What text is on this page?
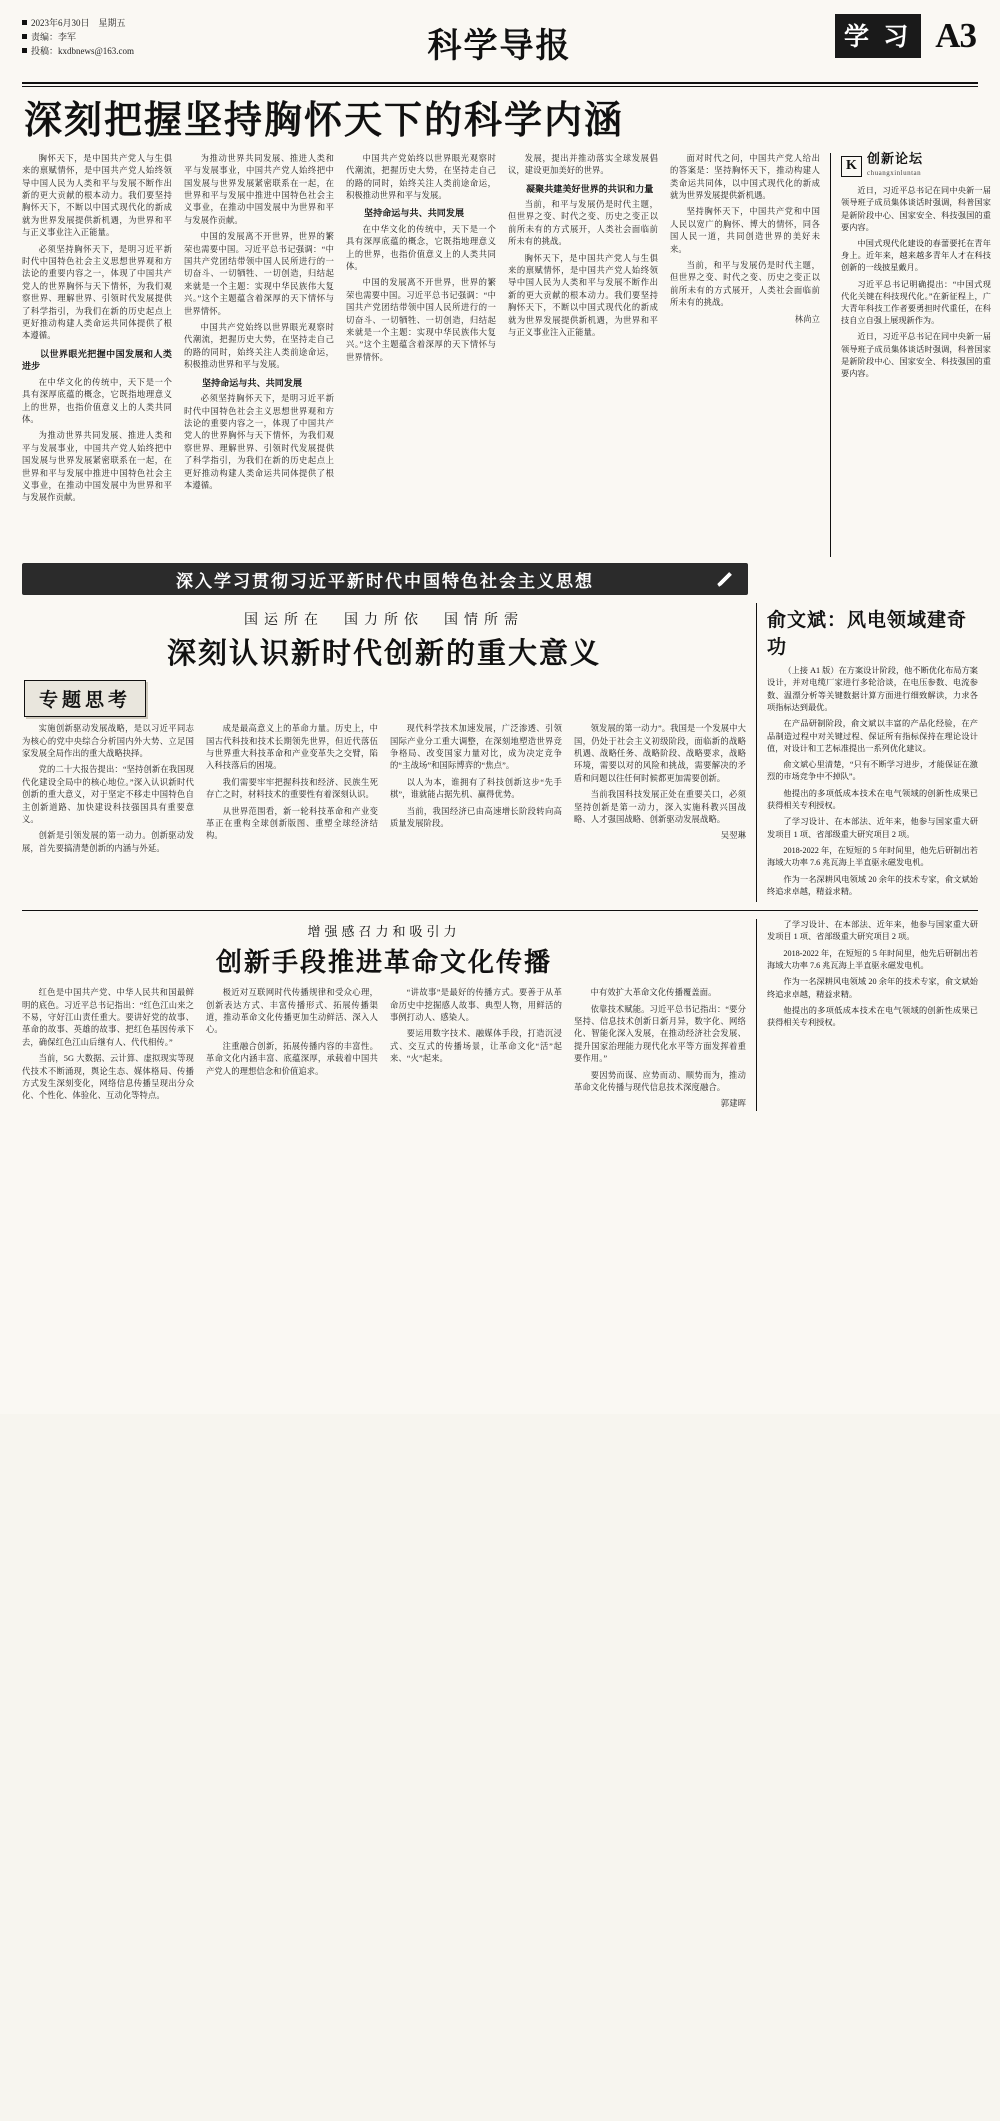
2023年6月30日　星期五
责编：李军
投稿：kxdbnews@163.com	科学导报	学 习 A3
深刻把握坚持胸怀天下的科学内涵

胸怀天下，是中国共产党人与生俱来的禀赋情怀，是中国共产党人始终领导中国人民为人类和平与发展不断作出新的更大贡献的根本动力。我们要坚持胸怀天下，不断以中国式现代化的新成就为世界发展提供新机遇，为世界和平与正义事业注入正能量。

必须坚持胸怀天下，是明习近平新时代中国特色社会主义思想世界观和方法论的重要内容之一，体现了中国共产党人的世界胸怀与天下情怀，为我们观察世界、理解世界、引领时代发展提供了科学指引，为我们在新的历史起点上更好推动构建人类命运共同体提供了根本遵循。

以世界眼光把握中国发展和人类进步

在中华文化的传统中，天下是一个具有深厚底蕴的概念，它既指地理意义上的世界，也指价值意义上的人类共同体。

为推动世界共同发展、推进人类和平与发展事业，中国共产党人始终把中国发展与世界发展紧密联系在一起，在世界和平与发展中推进中国特色社会主义事业，在推动中国发展中为世界和平与发展作贡献。

为推动世界共同发展、推进人类和平与发展事业，中国共产党人始终把中国发展与世界发展紧密联系在一起，在世界和平与发展中推进中国特色社会主义事业，在推动中国发展中为世界和平与发展作贡献。

中国的发展离不开世界，世界的繁荣也需要中国。习近平总书记强调：“中国共产党团结带领中国人民所进行的一切奋斗、一切牺牲、一切创造，归结起来就是一个主题：实现中华民族伟大复兴。”这个主题蕴含着深厚的天下情怀与世界情怀。

中国共产党始终以世界眼光观察时代潮流，把握历史大势，在坚持走自己的路的同时，始终关注人类前途命运，积极推动世界和平与发展。

坚持命运与共、共同发展

必须坚持胸怀天下，是明习近平新时代中国特色社会主义思想世界观和方法论的重要内容之一，体现了中国共产党人的世界胸怀与天下情怀，为我们观察世界、理解世界、引领时代发展提供了科学指引，为我们在新的历史起点上更好推动构建人类命运共同体提供了根本遵循。

中国共产党始终以世界眼光观察时代潮流，把握历史大势，在坚持走自己的路的同时，始终关注人类前途命运，积极推动世界和平与发展。

坚持命运与共、共同发展

在中华文化的传统中，天下是一个具有深厚底蕴的概念，它既指地理意义上的世界，也指价值意义上的人类共同体。

中国的发展离不开世界，世界的繁荣也需要中国。习近平总书记强调：“中国共产党团结带领中国人民所进行的一切奋斗、一切牺牲、一切创造，归结起来就是一个主题：实现中华民族伟大复兴。”这个主题蕴含着深厚的天下情怀与世界情怀。

发展，提出并推动落实全球发展倡议，建设更加美好的世界。

凝聚共建美好世界的共识和力量

当前，和平与发展仍是时代主题，但世界之变、时代之变、历史之变正以前所未有的方式展开，人类社会面临前所未有的挑战。

胸怀天下，是中国共产党人与生俱来的禀赋情怀，是中国共产党人始终领导中国人民为人类和平与发展不断作出新的更大贡献的根本动力。我们要坚持胸怀天下，不断以中国式现代化的新成就为世界发展提供新机遇，为世界和平与正义事业注入正能量。

面对时代之问，中国共产党人给出的答案是：坚持胸怀天下，推动构建人类命运共同体，以中国式现代化的新成就为世界发展提供新机遇。

坚持胸怀天下，中国共产党和中国人民以宽广的胸怀、博大的情怀，同各国人民一道，共同创造世界的美好未来。

当前，和平与发展仍是时代主题，但世界之变、时代之变、历史之变正以前所未有的方式展开，人类社会面临前所未有的挑战。

林尚立
K 创新论坛
chuangxinluntan

近日，习近平总书记在同中央新一届领导班子成员集体谈话时强调，科普国家是新阶段中心、国家安全、科技强国的重要内容。

中国式现代化建设的春蕾要托在青年身上。近年来，越来越多青年人才在科技创新的一线披星戴月。

习近平总书记明确提出：“中国式现代化关键在科技现代化。”在新征程上，广大青年科技工作者要勇担时代重任，在科技自立自强上展现新作为。

近日，习近平总书记在同中央新一届领导班子成员集体谈话时强调，科普国家是新阶段中心、国家安全、科技强国的重要内容。

深入学习贯彻习近平新时代中国特色社会主义思想
国运所在　国力所依　国情所需
深刻认识新时代创新的重大意义
专题思考

实施创新驱动发展战略，是以习近平同志为核心的党中央综合分析国内外大势、立足国家发展全局作出的重大战略抉择。

党的二十大报告提出：“坚持创新在我国现代化建设全局中的核心地位。”深入认识新时代创新的重大意义，对于坚定不移走中国特色自主创新道路、加快建设科技强国具有重要意义。

创新是引领发展的第一动力。创新驱动发展，首先要搞清楚创新的内涵与外延。

成是最高意义上的革命力量。历史上，中国古代科技和技术长期领先世界，但近代落伍与世界重大科技革命和产业变革失之交臂，陷入科技落后的困境。

我们需要牢牢把握科技和经济、民族生死存亡之时，材料技术的重要性有着深刻认识。

从世界范围看，新一轮科技革命和产业变革正在重构全球创新版图、重塑全球经济结构。

现代科学技术加速发展，广泛渗透、引领国际产业分工重大调整，在深刻地塑造世界竞争格局、改变国家力量对比，成为决定竞争的“主战场”和国际博弈的“焦点”。

以人为本，谁拥有了科技创新这步“先手棋”，谁就能占据先机、赢得优势。

当前，我国经济已由高速增长阶段转向高质量发展阶段。

领发展的第一动力”。我国是一个发展中大国，仍处于社会主义初级阶段，面临新的战略机遇、战略任务、战略阶段、战略要求，战略环境，需要以对的风险和挑战，需要解决的矛盾和问题以往任何时候都更加需要创新。

当前我国科技发展正处在重要关口，必须坚持创新是第一动力，深入实施科教兴国战略、人才强国战略、创新驱动发展战略。

吴翌琳
俞文斌：风电领域建奇功

（上接 A1 版）在方案设计阶段，他不断优化布局方案设计，并对电缆厂家进行多轮洽谈，在电压参数、电流参数、温漂分析等关键数据计算方面进行细致解读，力求各项指标达到最优。

在产品研制阶段，俞文斌以丰富的产品化经验，在产品制造过程中对关键过程、保证所有指标保持在理论设计值，对设计和工艺标准提出一系列优化建议。

俞文斌心里清楚，“只有不断学习进步，才能保证在激烈的市场竞争中不掉队”。

他提出的多项低成本技术在电气领域的创新性成果已获得相关专利授权。

了学习设计、在本部法、近年来，他参与国家重大研发项目 1 项、省部级重大研究项目 2 项。

2018-2022 年，在短短的 5 年时间里，他先后研制出若海域大功率 7.6 兆瓦海上半直驱永磁发电机。

作为一名深耕风电领域 20 余年的技术专家，俞文斌始终追求卓越，精益求精。

增强感召力和吸引力
创新手段推进革命文化传播

红色是中国共产党、中华人民共和国最鲜明的底色。习近平总书记指出：“红色江山来之不易，守好江山责任重大。要讲好党的故事、革命的故事、英雄的故事、把红色基因传承下去，确保红色江山后继有人、代代相传。”

当前，5G 大数据、云计算、虚拟现实等现代技术不断涌现，舆论生态、媒体格局、传播方式发生深刻变化，网络信息传播呈现出分众化、个性化、体验化、互动化等特点。

极近对互联网时代传播规律和受众心理，创新表达方式、丰富传播形式、拓展传播渠道，推动革命文化传播更加生动鲜活、深入人心。

注重融合创新，拓展传播内容的丰富性。革命文化内涵丰富、底蕴深厚，承载着中国共产党人的理想信念和价值追求。

“讲故事”是最好的传播方式。要善于从革命历史中挖掘感人故事、典型人物，用鲜活的事例打动人、感染人。

要运用数字技术、融媒体手段，打造沉浸式、交互式的传播场景，让革命文化“活”起来、“火”起来。

中有效扩大革命文化传播覆盖面。

依靠技术赋能。习近平总书记指出：“要分坚持、信息技术创新日新月异，数字化、网络化、智能化深入发展，在推动经济社会发展、提升国家治理能力现代化水平等方面发挥着重要作用。”

要因势而谋、应势而动、顺势而为，推动革命文化传播与现代信息技术深度融合。

郭建晖

了学习设计、在本部法、近年来，他参与国家重大研发项目 1 项、省部级重大研究项目 2 项。

2018-2022 年，在短短的 5 年时间里，他先后研制出若海域大功率 7.6 兆瓦海上半直驱永磁发电机。

作为一名深耕风电领域 20 余年的技术专家，俞文斌始终追求卓越，精益求精。

他提出的多项低成本技术在电气领域的创新性成果已获得相关专利授权。
